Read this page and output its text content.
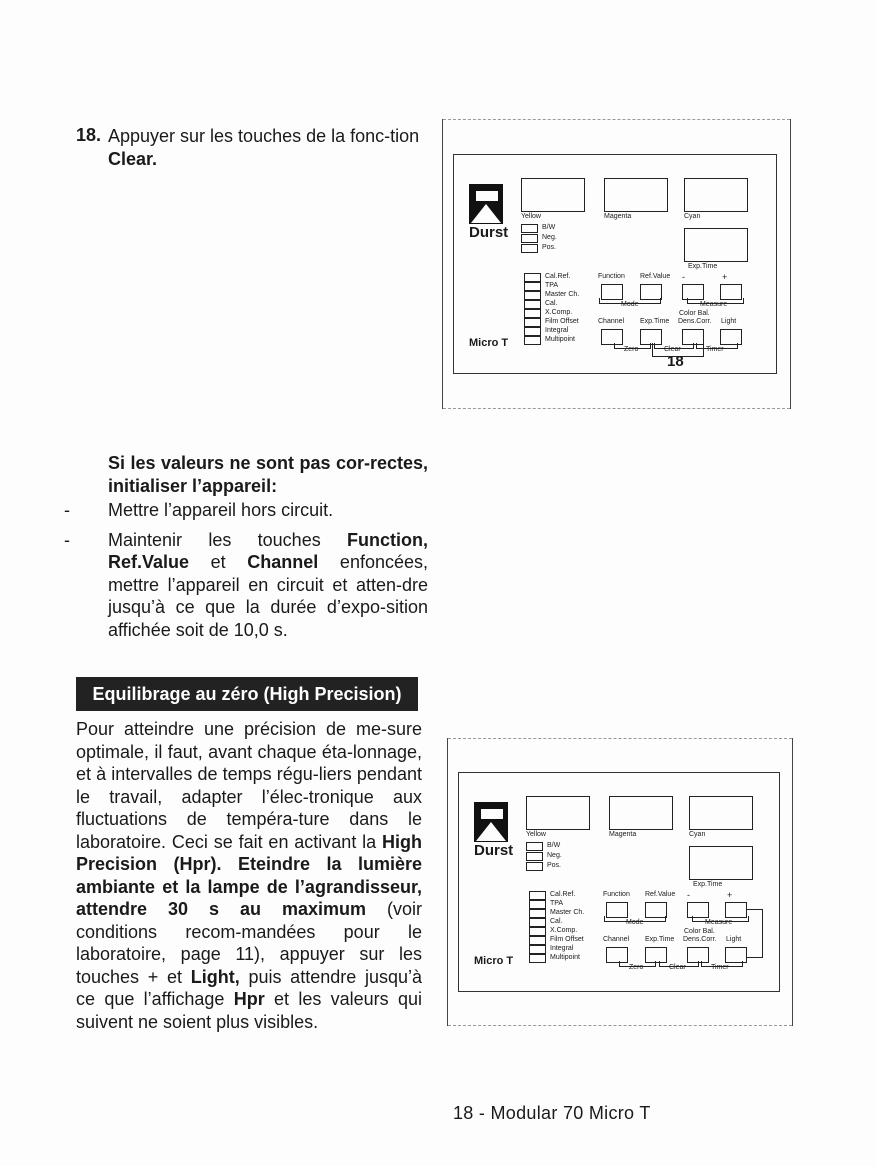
18. Appuyer sur les touches de la fonc-tion Clear.
Durst
Micro T
Yellow	Magenta	Cyan
Exp.Time
B/W
Neg.
Pos.
Cal.Ref.
TPA
Master Ch.
Cal.
X.Comp.
Film Offset
Integral
Multipoint
Function Ref.Value -	+
Mode	Measure
Color Bal.
Channel Exp.Time Dens.Corr. Light
Zero	Clear	Timer
18
Si les valeurs ne sont pas cor-rectes, initialiser l’appareil:
- Mettre l’appareil hors circuit.
- Maintenir les touches Function, Ref.Value et Channel enfoncées, mettre l’appareil en circuit et atten-dre jusqu’à ce que la durée d’expo-sition affichée soit de 10,0 s.
Equilibrage au zéro (High Precision)
Pour atteindre une précision de me-sure optimale, il faut, avant chaque éta-lonnage, et à intervalles de temps régu-liers pendant le travail, adapter l’élec-tronique aux fluctuations de tempéra-ture dans le laboratoire. Ceci se fait en activant la High Precision (Hpr). Eteindre la lumière ambiante et la lampe de l’agrandisseur, attendre 30 s au maximum (voir conditions recom-mandées pour le laboratoire, page 11), appuyer sur les touches + et Light, puis attendre jusqu’à ce que l’affichage Hpr et les valeurs qui suivent ne soient plus visibles.
Durst
Micro T
Yellow	Magenta	Cyan
Exp.Time
B/W
Neg.
Pos.
Cal.Ref.
TPA
Master Ch.
Cal.
X.Comp.
Film Offset
Integral
Multipoint
Function Ref.Value -	+
Mode	Measure
Color Bal.
Channel Exp.Time Dens.Corr. Light
Zero	Clear	Timer
18 - Modular 70 Micro T
